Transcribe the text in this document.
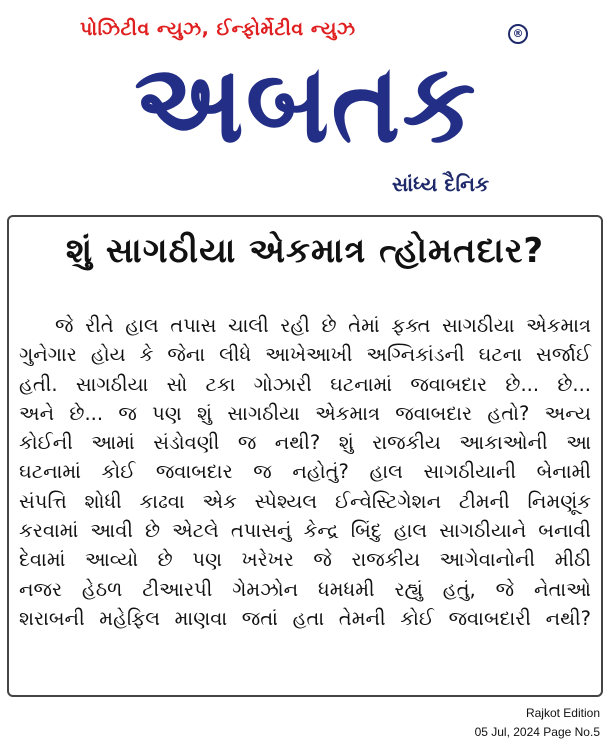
પોઝિટીવ ન્યુઝ, ઈન્ફોર્મેટીવ ન્યુઝ	®
અબતક
સાંધ્ય દૈનિક
શું સાગઠીયા એકમાત્ર ત્હોમતદાર?
જે રીતે હાલ તપાસ ચાલી રહી છે તેમાં ફક્ત સાગઠીયા એકમાત્ર
ગુનેગાર હોય કે જેના લીધે આખેઆખી અગ્નિકાંડની ઘટના સર્જાઈ
હતી. સાગઠીયા સો ટકા ગોઝારી ઘટનામાં જવાબદાર છે... છે...
અને છે... જ પણ શું સાગઠીયા એકમાત્ર જવાબદાર હતો? અન્ય
કોઈની આમાં સંડોવણી જ નથી? શું રાજકીય આકાઓની આ
ઘટનામાં કોઈ જવાબદાર જ નહોતું? હાલ સાગઠીયાની બેનામી
સંપત્તિ શોધી કાઢવા એક સ્પેશ્યલ ઈન્વેસ્ટિગેશન ટીમની નિમણૂંક
કરવામાં આવી છે એટલે તપાસનું કેન્દ્ર બિંદુ હાલ સાગઠીયાને બનાવી
દેવામાં આવ્યો છે પણ ખરેખર જે રાજકીય આગેવાનોની મીઠી
નજર હેઠળ ટીઆરપી ગેમઝોન ધમધમી રહ્યું હતું, જે નેતાઓ
શરાબની મહેફિલ માણવા જતાં હતા તેમની કોઈ જવાબદારી નથી?
Rajkot Edition
05 Jul, 2024 Page No.5
